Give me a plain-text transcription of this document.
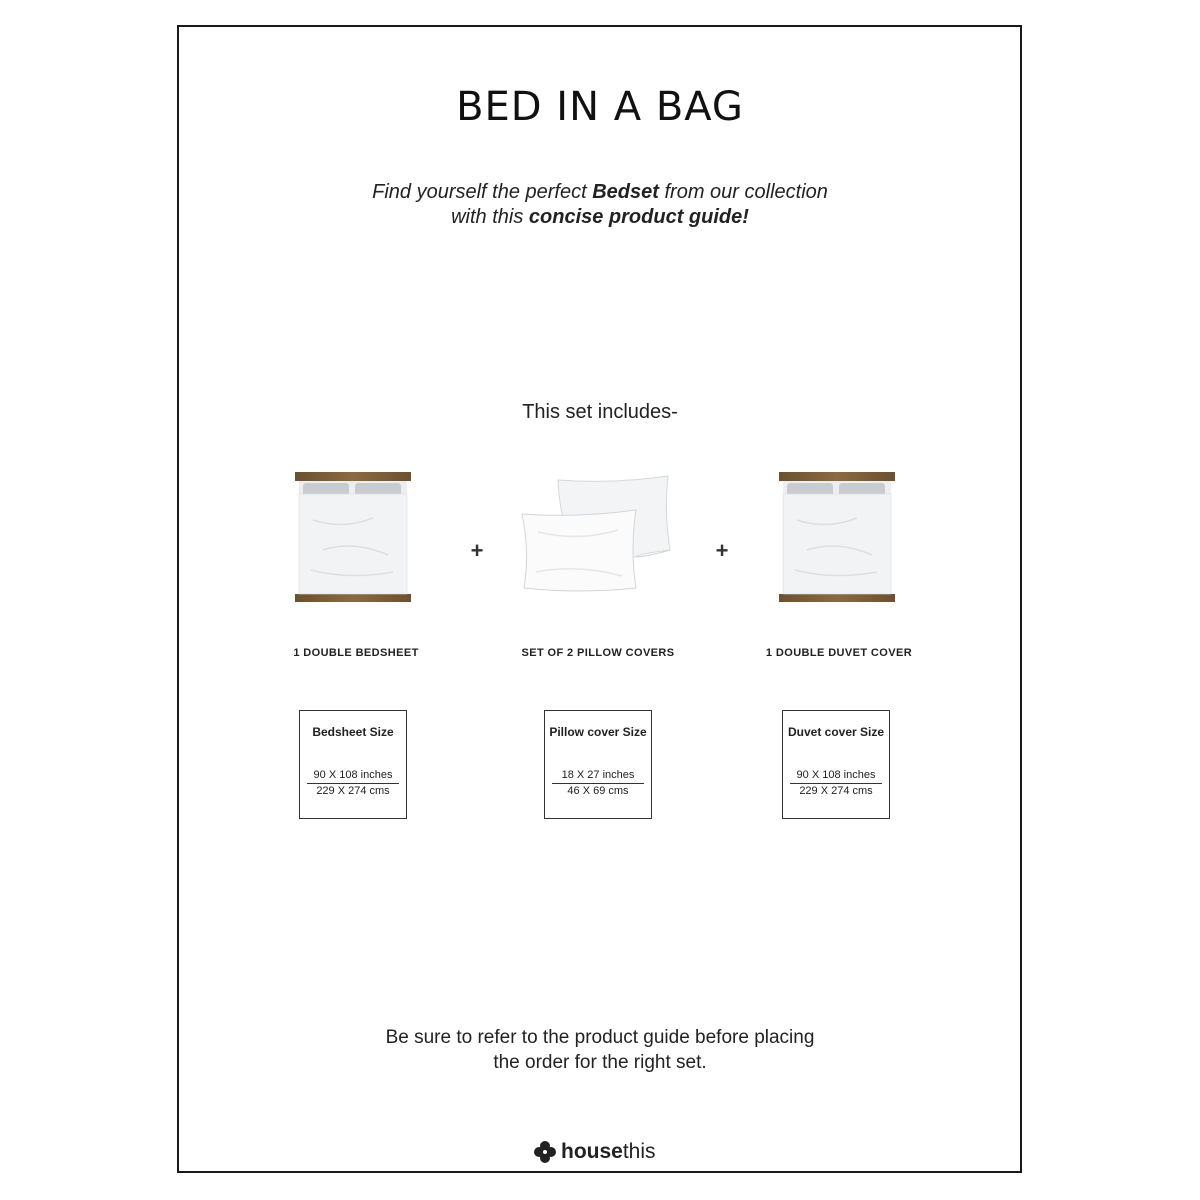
BED IN A BAG
Find yourself the perfect Bedset from our collection
with this concise product guide!
This set includes-
+	+
1 DOUBLE BEDSHEET	SET OF 2 PILLOW COVERS	1 DOUBLE DUVET COVER
Bedsheet Size
90 X 108 inches
229 X 274 cms
Pillow cover Size
18 X 27 inches
46 X 69 cms
Duvet cover Size
90 X 108 inches
229 X 274 cms
Be sure to refer to the product guide before placing
the order for the right set.
house this
